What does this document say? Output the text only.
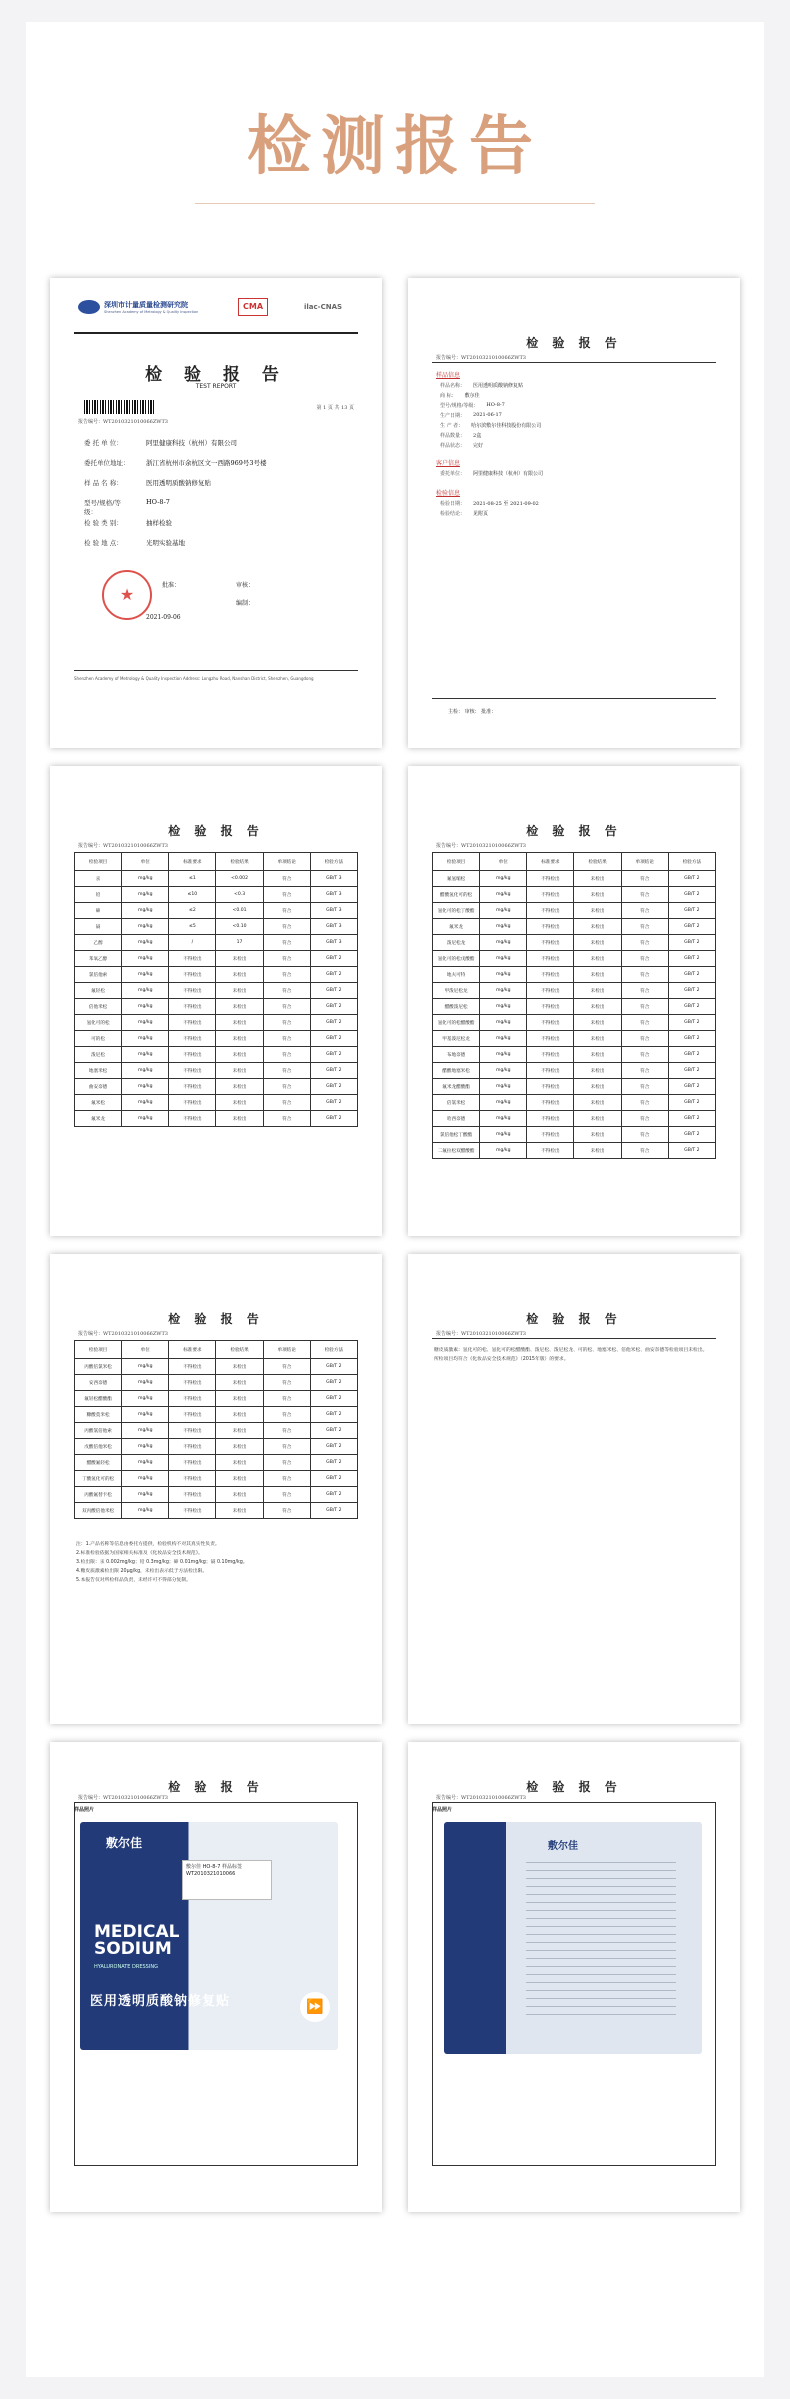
检测报告
深圳市计量质量检测研究院
Shenzhen Academy of Metrology & Quality Inspection
CMA	ilac-CNAS
检 验 报 告
TEST REPORT
报告编号：WT2010321010066ZWT3
第 1 页 共 13 页
委 托 单 位：	阿里健康科技（杭州）有限公司
委托单位地址：	浙江省杭州市余杭区文一西路969号3号楼
样 品 名 称：	医用透明质酸钠修复贴
型号/规格/等级：
HO-8-7
检 验 类 别：	抽样检验
检 验 地 点：	光明实验基地
★	批准：	审核：
编制：
2021-09-06
Shenzhen Academy of Metrology & Quality Inspection Address: Longzhu Road, Nanshan District, Shenzhen, Guangdong
报告编号：WT2010321010066ZWT3
检 验 报 告
样品信息
样品名称： 医用透明质酸钠修复贴
商 标： 敷尔佳
型号/规格/等级： HO-8-7
生产日期： 2021-06-17
生 产 者： 哈尔滨敷尔佳科技股份有限公司
样品数量： 2盒
样品状态： 完好
客户信息
委托单位： 阿里健康科技（杭州）有限公司
检验信息
检验日期： 2021-08-25 至 2021-09-02
检验结论： 见附页
主检： 审核： 批准：
检 验 报 告
报告编号：WT2010321010066ZWT3
检验项目	单位	标准要求	检验结果	单项结论	检验方法
汞	mg/kg	≤1	<0.002	符合	GB/T 3
铅	mg/kg	≤10	<0.3	符合	GB/T 3
砷	mg/kg	≤2	<0.01	符合	GB/T 3
镉	mg/kg	≤5	<0.10	符合	GB/T 3
乙醇	mg/kg	/	17	符合	GB/T 3
苯氧乙醇	mg/kg	不得检出	未检出	符合	GB/T 2
氯倍他索	mg/kg	不得检出	未检出	符合	GB/T 2
氟轻松	mg/kg	不得检出	未检出	符合	GB/T 2
倍他米松	mg/kg	不得检出	未检出	符合	GB/T 2
氢化可的松	mg/kg	不得检出	未检出	符合	GB/T 2
可的松	mg/kg	不得检出	未检出	符合	GB/T 2
泼尼松	mg/kg	不得检出	未检出	符合	GB/T 2
地塞米松	mg/kg	不得检出	未检出	符合	GB/T 2
曲安奈德	mg/kg	不得检出	未检出	符合	GB/T 2
氟米松	mg/kg	不得检出	未检出	符合	GB/T 2
氟米龙	mg/kg	不得检出	未检出	符合	GB/T 2
检 验 报 告
报告编号：WT2010321010066ZWT3
检验项目	单位	标准要求	检验结果	单项结论	检验方法
氟氢缩松	mg/kg	不得检出	未检出	符合	GB/T 2
醋酸氢化可的松	mg/kg	不得检出	未检出	符合	GB/T 2
氢化可的松丁酸酯	mg/kg	不得检出	未检出	符合	GB/T 2
氟米龙	mg/kg	不得检出	未检出	符合	GB/T 2
泼尼松龙	mg/kg	不得检出	未检出	符合	GB/T 2
氢化可的松戊酸酯	mg/kg	不得检出	未检出	符合	GB/T 2
地夫可特	mg/kg	不得检出	未检出	符合	GB/T 2
甲泼尼松龙	mg/kg	不得检出	未检出	符合	GB/T 2
醋酸泼尼松	mg/kg	不得检出	未检出	符合	GB/T 2
氢化可的松醋酸酯	mg/kg	不得检出	未检出	符合	GB/T 2
甲基泼尼松龙	mg/kg	不得检出	未检出	符合	GB/T 2
布地奈德	mg/kg	不得检出	未检出	符合	GB/T 2
醋酸地塞米松	mg/kg	不得检出	未检出	符合	GB/T 2
氟米龙醋酸酯	mg/kg	不得检出	未检出	符合	GB/T 2
倍氯米松	mg/kg	不得检出	未检出	符合	GB/T 2
哈西奈德	mg/kg	不得检出	未检出	符合	GB/T 2
氯倍他松丁酸酯	mg/kg	不得检出	未检出	符合	GB/T 2
二氟拉松双醋酸酯	mg/kg	不得检出	未检出	符合	GB/T 2
检 验 报 告
报告编号：WT2010321010066ZWT3
检验项目	单位	标准要求	检验结果	单项结论	检验方法
丙酸倍氯米松	mg/kg	不得检出	未检出	符合	GB/T 2
安西奈德	mg/kg	不得检出	未检出	符合	GB/T 2
氟轻松醋酸酯	mg/kg	不得检出	未检出	符合	GB/T 2
糠酸莫米松	mg/kg	不得检出	未检出	符合	GB/T 2
丙酸氯倍他索	mg/kg	不得检出	未检出	符合	GB/T 2
戊酸倍他米松	mg/kg	不得检出	未检出	符合	GB/T 2
醋酸氟轻松	mg/kg	不得检出	未检出	符合	GB/T 2
丁酸氢化可的松	mg/kg	不得检出	未检出	符合	GB/T 2
丙酸氟替卡松	mg/kg	不得检出	未检出	符合	GB/T 2
双丙酸倍他米松	mg/kg	不得检出	未检出	符合	GB/T 2
注：1.产品名称等信息由委托方提供，检验机构不对其真实性负责。
2.标准检验依据为国家相关标准及《化妆品安全技术规范》。
3.检出限：汞 0.002mg/kg；铅 0.3mg/kg；砷 0.01mg/kg；镉 0.10mg/kg。
4.糖皮质激素检出限 20μg/kg，未检出表示低于方法检出限。
5.本报告仅对所检样品负责，未经许可不得部分复制。
检 验 报 告
报告编号：WT2010321010066ZWT3
糖皮质激素：氢化可的松、氢化可的松醋酸酯、泼尼松、泼尼松龙、可的松、地塞米松、倍他米松、曲安奈德等检验项目未检出。
所检项目均符合《化妆品安全技术规范》（2015年版）的要求。
检 验 报 告
报告编号：WT2010321010066ZWT3
样品照片
敷尔佳
敷尔佳 HO-8-7 样品标签 WT2010321010066
MEDICAL
SODIUM
HYALURONATE DRESSING
医用透明质酸钠修复贴	⏩
检 验 报 告
报告编号：WT2010321010066ZWT3
样品照片
敷尔佳
